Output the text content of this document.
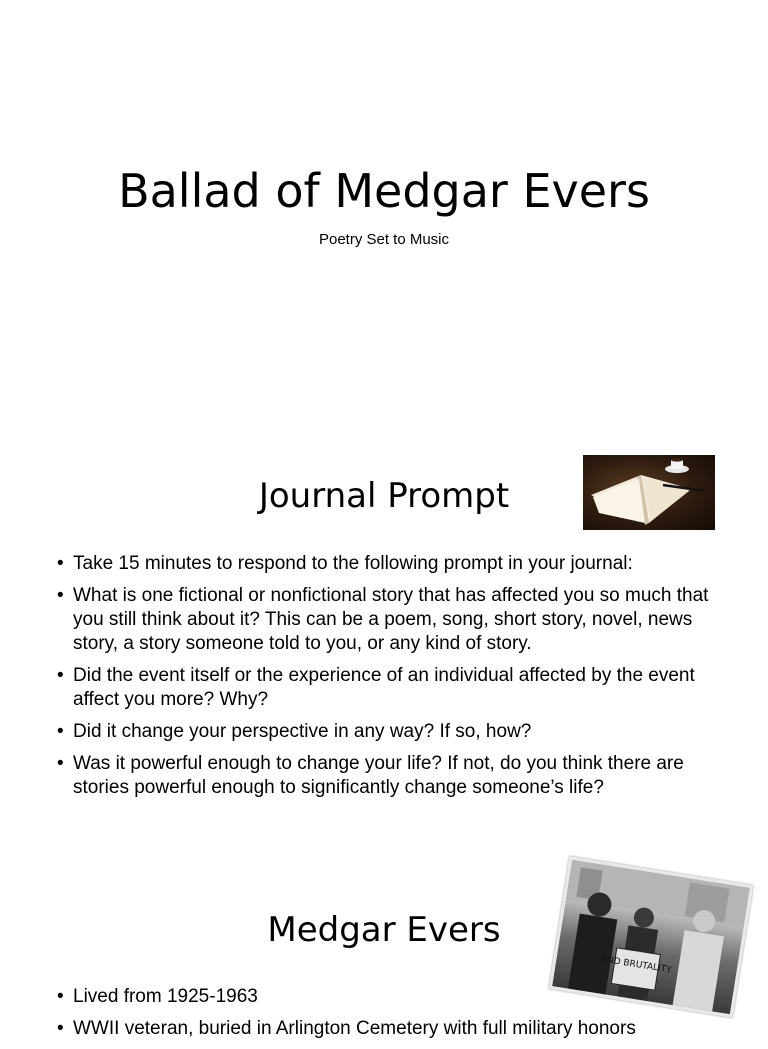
Ballad of Medgar Evers
Poetry Set to Music
Journal Prompt
• Take 15 minutes to respond to the following prompt in your journal:
• What is one fictional or nonfictional story that has affected you so much that you still think about it? This can be a poem, song, short story, novel, news story, a story someone told to you, or any kind of story.
• Did the event itself or the experience of an individual affected by the event affect you more? Why?
• Did it change your perspective in any way? If so, how?
• Was it powerful enough to change your life? If not, do you think there are stories powerful enough to significantly change someone’s life?
Medgar Evers
END BRUTALITY
• Lived from 1925-1963
• WWII veteran, buried in Arlington Cemetery with full military honors
